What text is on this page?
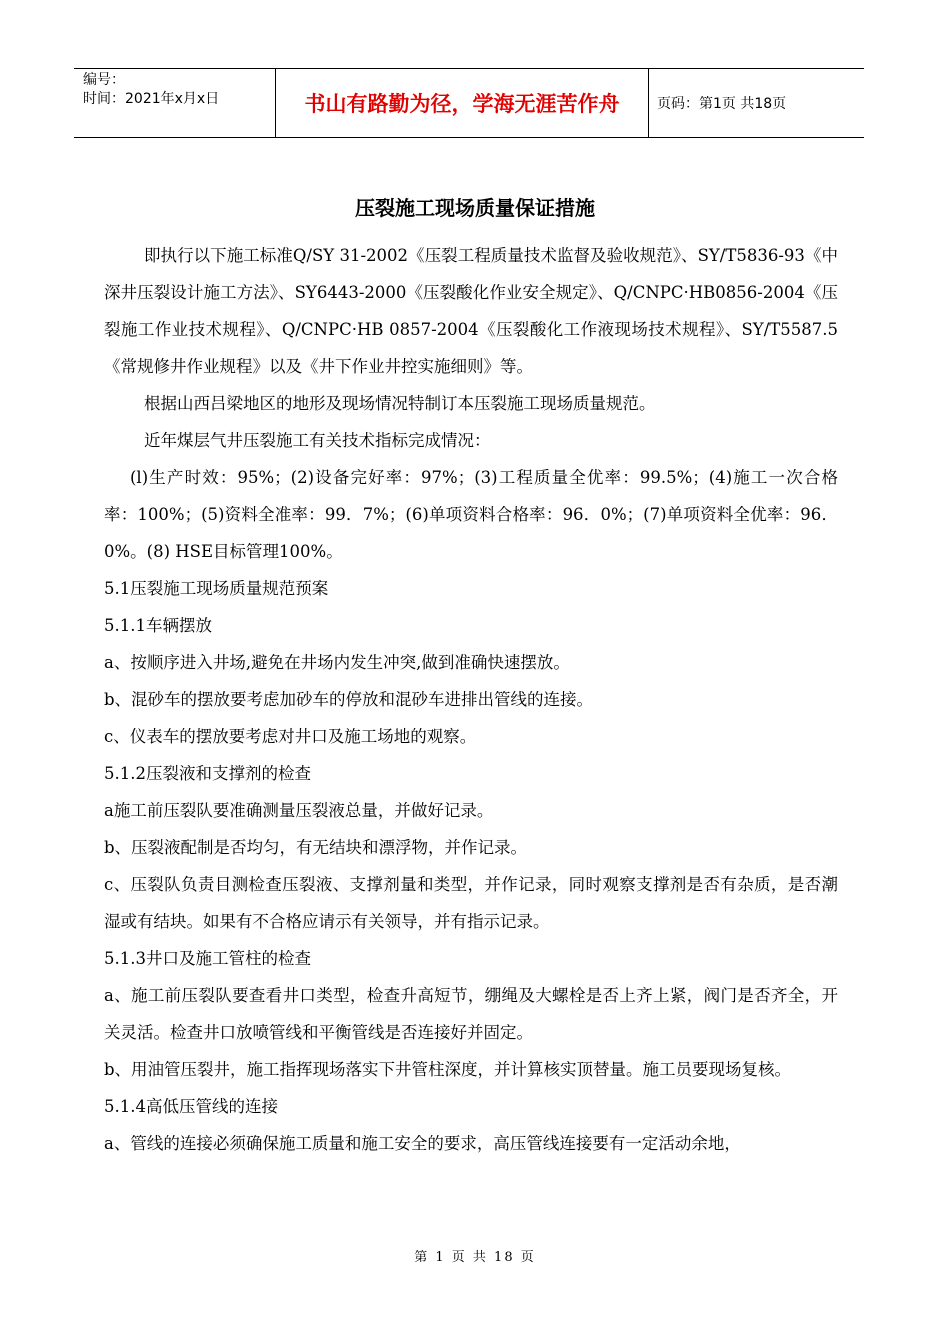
编号：
时间：2021年x月x日	书山有路勤为径，学海无涯苦作舟	页码：第1页 共18页
压裂施工现场质量保证措施

即执行以下施工标准Q/SY 31-2002《压裂工程质量技术监督及验收规范》、SY/T5836-93《中深井压裂设计施工方法》、SY6443-2000《压裂酸化作业安全规定》、Q/CNPC·HB0856-2004《压裂施工作业技术规程》、Q/CNPC·HB 0857-2004《压裂酸化工作液现场技术规程》、SY/T5587.5《常规修井作业规程》以及《井下作业井控实施细则》等。

根据山西吕梁地区的地形及现场情况特制订本压裂施工现场质量规范。

近年煤层气井压裂施工有关技术指标完成情况：

(l)生产时效：95%；(2)设备完好率：97%；(3)工程质量全优率：99.5%；(4)施工一次合格率：100%；(5)资料全准率：99．7%；(6)单项资料合格率：96．0%；(7)单项资料全优率：96．0%。(8) HSE目标管理100%。

5.1压裂施工现场质量规范预案

5.1.1车辆摆放

a、按顺序进入井场,避免在井场内发生冲突,做到准确快速摆放。

b、混砂车的摆放要考虑加砂车的停放和混砂车进排出管线的连接。

c、仪表车的摆放要考虑对井口及施工场地的观察。

5.1.2压裂液和支撑剂的检查

a施工前压裂队要准确测量压裂液总量，并做好记录。

b、压裂液配制是否均匀，有无结块和漂浮物，并作记录。

c、压裂队负责目测检查压裂液、支撑剂量和类型，并作记录，同时观察支撑剂是否有杂质，是否潮湿或有结块。如果有不合格应请示有关领导，并有指示记录。

5.1.3井口及施工管柱的检查

a、施工前压裂队要查看井口类型，检查升高短节，绷绳及大螺栓是否上齐上紧，阀门是否齐全，开关灵活。检查井口放喷管线和平衡管线是否连接好并固定。

b、用油管压裂井，施工指挥现场落实下井管柱深度，并计算核实顶替量。施工员要现场复核。

5.1.4高低压管线的连接

a、管线的连接必须确保施工质量和施工安全的要求，高压管线连接要有一定活动余地，

第 1 页 共 18 页
